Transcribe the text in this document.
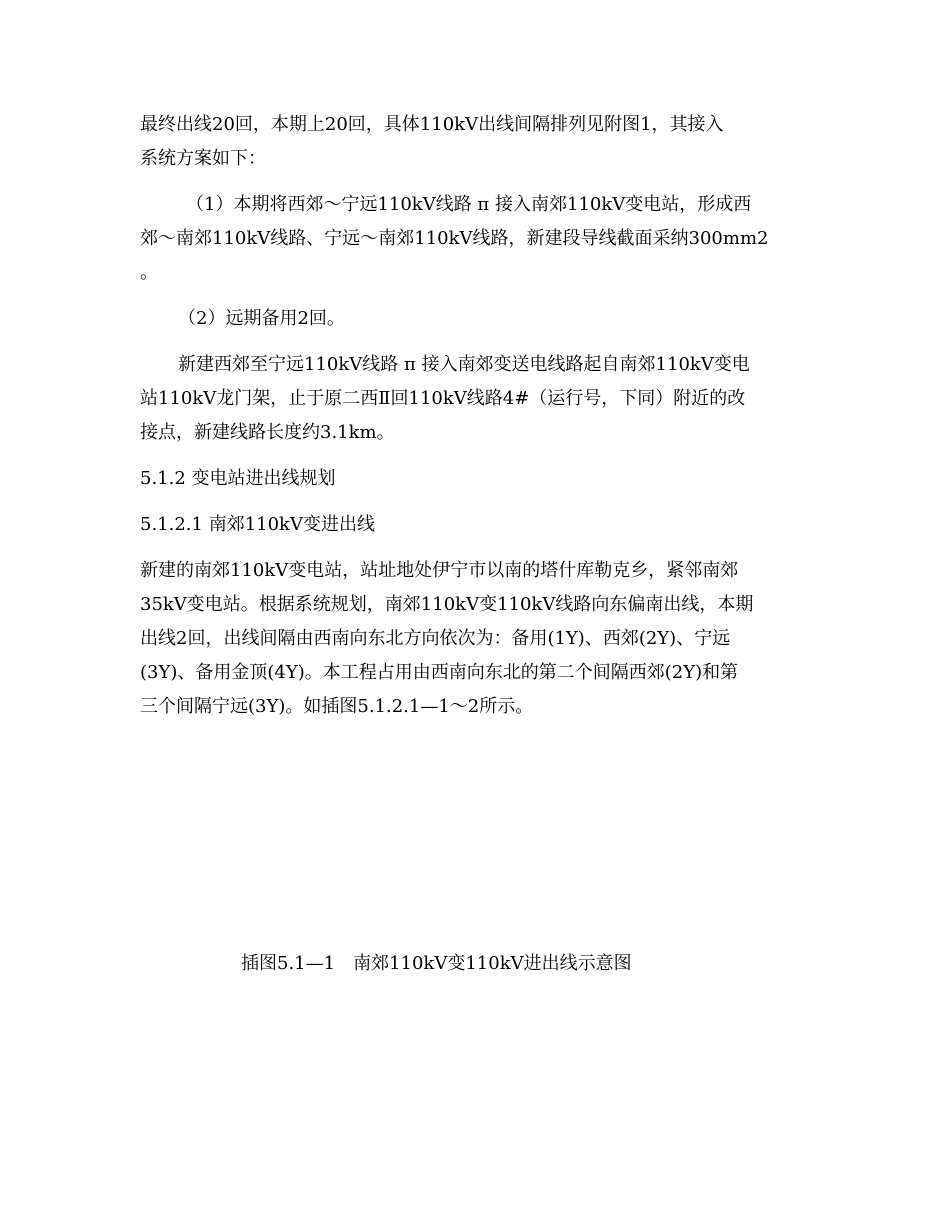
最终出线20回，本期上20回，具体110kV出线间隔排列见附图1，其接入
系统方案如下：
（1）本期将西郊～宁远110kV线路 π 接入南郊110kV变电站，形成西
郊～南郊110kV线路、宁远～南郊110kV线路，新建段导线截面采纳300mm2
。
（2）远期备用2回。
新建西郊至宁远110kV线路 π 接入南郊变送电线路起自南郊110kV变电
站110kV龙门架，止于原二西Ⅱ回110kV线路4#（运行号，下同）附近的改
接点，新建线路长度约3.1km。
5.1.2 变电站进出线规划
5.1.2.1 南郊110kV变进出线
新建的南郊110kV变电站，站址地处伊宁市以南的塔什库勒克乡，紧邻南郊
35kV变电站。根据系统规划，南郊110kV变110kV线路向东偏南出线，本期
出线2回，出线间隔由西南向东北方向依次为：备用(1Y)、西郊(2Y)、宁远
(3Y)、备用金顶(4Y)。本工程占用由西南向东北的第二个间隔西郊(2Y)和第
三个间隔宁远(3Y)。如插图5.1.2.1—1～2所示。
插图5.1—1　南郊110kV变110kV进出线示意图
